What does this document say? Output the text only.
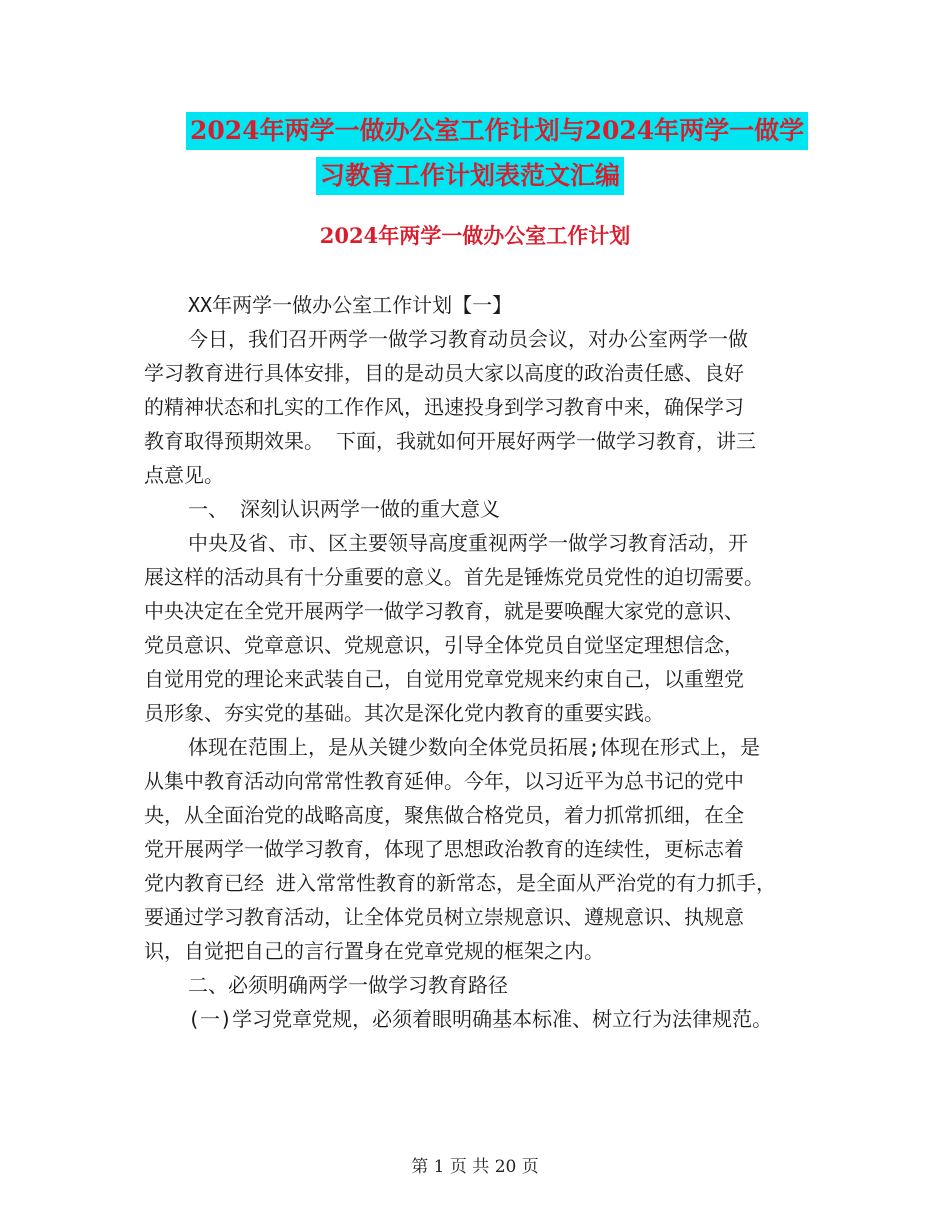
2024年两学一做办公室工作计划与2024年两学一做学
习教育工作计划表范文汇编
2024年两学一做办公室工作计划
XX年两学一做办公室工作计划【一】
今日，我们召开两学一做学习教育动员会议，对办公室两学一做
学习教育进行具体安排，目的是动员大家以高度的政治责任感、良好
的精神状态和扎实的工作作风，迅速投身到学习教育中来，确保学习
教育取得预期效果。 下面，我就如何开展好两学一做学习教育，讲三
点意见。
一、 深刻认识两学一做的重大意义
中央及省、市、区主要领导高度重视两学一做学习教育活动，开
展这样的活动具有十分重要的意义。首先是锤炼党员党性的迫切需要。
中央决定在全党开展两学一做学习教育，就是要唤醒大家党的意识、
党员意识、党章意识、党规意识，引导全体党员自觉坚定理想信念，
自觉用党的理论来武装自己，自觉用党章党规来约束自己，以重塑党
员形象、夯实党的基础。其次是深化党内教育的重要实践。
体现在范围上，是从关键少数向全体党员拓展;体现在形式上，是
从集中教育活动向常常性教育延伸。今年，以习近平为总书记的党中
央，从全面治党的战略高度，聚焦做合格党员，着力抓常抓细，在全
党开展两学一做学习教育，体现了思想政治教育的连续性，更标志着
党内教育已经 进入常常性教育的新常态，是全面从严治党的有力抓手，
要通过学习教育活动，让全体党员树立崇规意识、遵规意识、执规意
识，自觉把自己的言行置身在党章党规的框架之内。
二、必须明确两学一做学习教育路径
(一)学习党章党规，必须着眼明确基本标准、树立行为法律规范。
第 1 页 共 20 页
